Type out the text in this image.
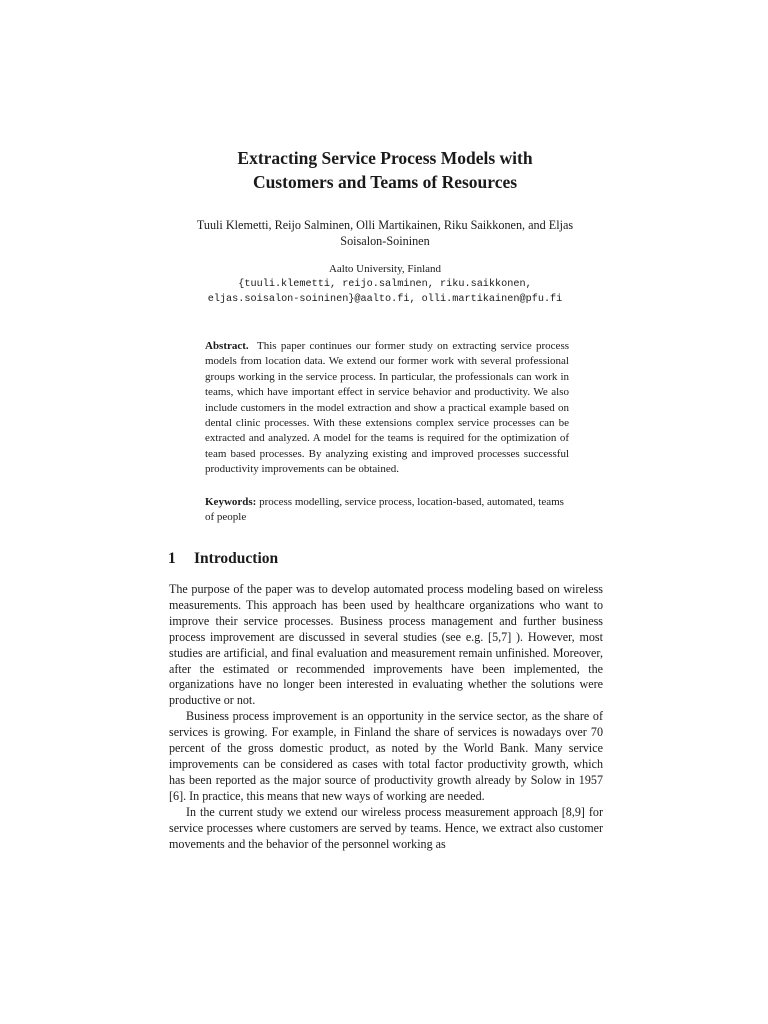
Extracting Service Process Models with
Customers and Teams of Resources
Tuuli Klemetti, Reijo Salminen, Olli Martikainen, Riku Saikkonen, and Eljas
Soisalon-Soininen
Aalto University, Finland
{tuuli.klemetti, reijo.salminen, riku.saikkonen,
eljas.soisalon-soininen}@aalto.fi, olli.martikainen@pfu.fi

Abstract. This paper continues our former study on extracting service process models from location data. We extend our former work with several professional groups working in the service process. In particular, the professionals can work in teams, which have important effect in service behavior and productivity. We also include customers in the model extraction and show a practical example based on dental clinic processes. With these extensions complex service processes can be extracted and analyzed. A model for the teams is required for the optimization of team based processes. By analyzing existing and improved processes successful productivity improvements can be obtained.

Keywords: process modelling, service process, location-based, automated, teams of people
1 Introduction

The purpose of the paper was to develop automated process modeling based on wireless measurements. This approach has been used by healthcare organizations who want to improve their service processes. Business process management and further business process improvement are discussed in several studies (see e.g. [5,7] ). However, most studies are artificial, and final evaluation and measurement remain unfinished. Moreover, after the estimated or recommended improvements have been implemented, the organizations have no longer been interested in evaluating whether the solutions were productive or not.

Business process improvement is an opportunity in the service sector, as the share of services is growing. For example, in Finland the share of services is nowadays over 70 percent of the gross domestic product, as noted by the World Bank. Many service improvements can be considered as cases with total factor productivity growth, which has been reported as the major source of productivity growth already by Solow in 1957 [6]. In practice, this means that new ways of working are needed.

In the current study we extend our wireless process measurement approach [8,9] for service processes where customers are served by teams. Hence, we extract also customer movements and the behavior of the personnel working as
